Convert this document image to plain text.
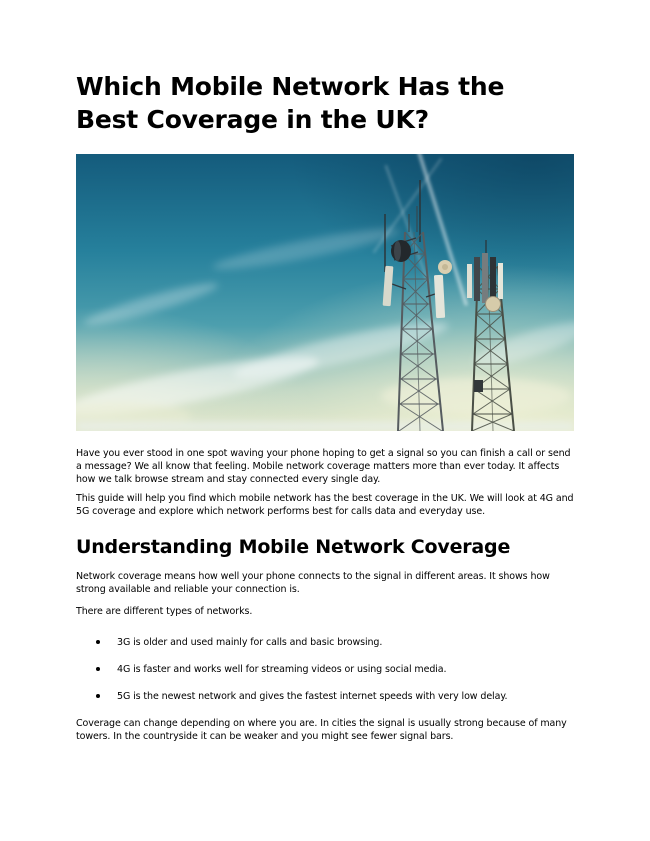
Which Mobile Network Has the Best Coverage in the UK?

Have you ever stood in one spot waving your phone hoping to get a signal so you can finish a call or send a message? We all know that feeling. Mobile network coverage matters more than ever today. It affects how we talk browse stream and stay connected every single day.

This guide will help you find which mobile network has the best coverage in the UK. We will look at 4G and 5G coverage and explore which network performs best for calls data and everyday use.

Understanding Mobile Network Coverage

Network coverage means how well your phone connects to the signal in different areas. It shows how strong available and reliable your connection is.

There are different types of networks.

3G is older and used mainly for calls and basic browsing.
4G is faster and works well for streaming videos or using social media.
5G is the newest network and gives the fastest internet speeds with very low delay.

Coverage can change depending on where you are. In cities the signal is usually strong because of many towers. In the countryside it can be weaker and you might see fewer signal bars.
